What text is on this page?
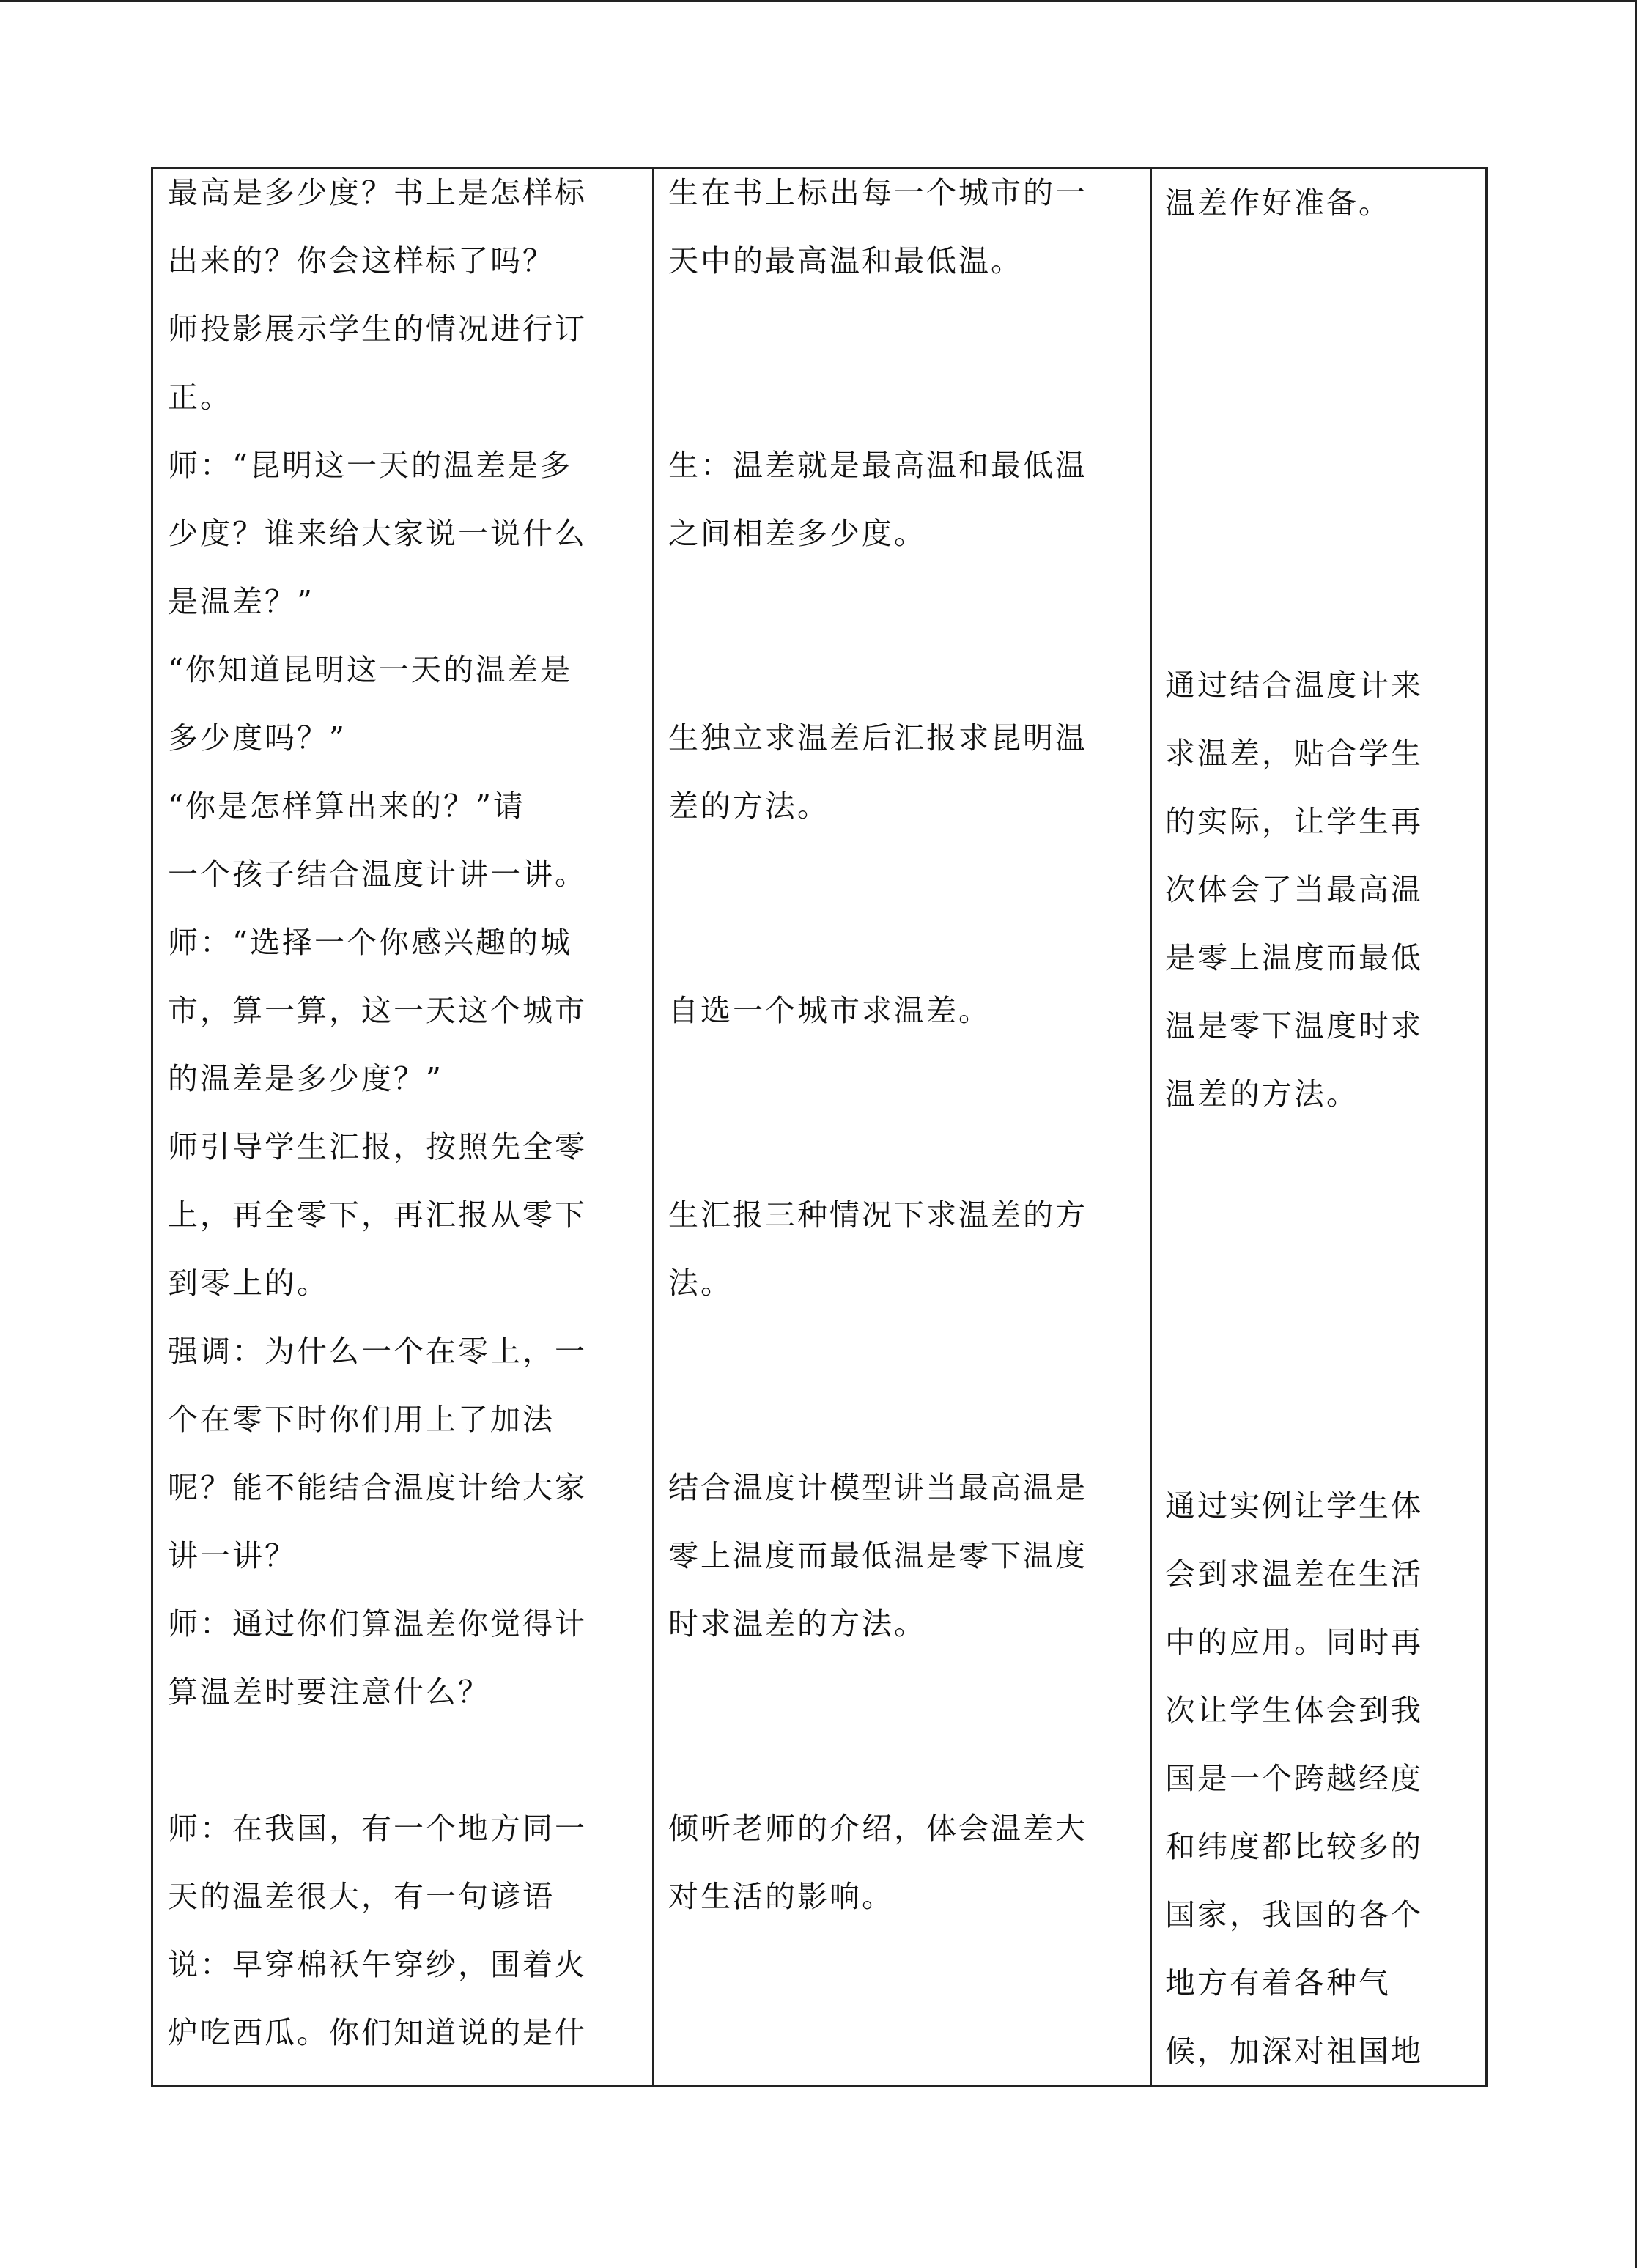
最高是多少度？书上是怎样标
出来的？你会这样标了吗？
师投影展示学生的情况进行订
正。
师：“昆明这一天的温差是多
少度？谁来给大家说一说什么
是温差？”
“你知道昆明这一天的温差是
多少度吗？”
“你是怎样算出来的？”请
一个孩子结合温度计讲一讲。
师：“选择一个你感兴趣的城
市，算一算，这一天这个城市
的温差是多少度？”
师引导学生汇报，按照先全零
上，再全零下，再汇报从零下
到零上的。
强调：为什么一个在零上，一
个在零下时你们用上了加法
呢？能不能结合温度计给大家
讲一讲？
师：通过你们算温差你觉得计
算温差时要注意什么？
师：在我国，有一个地方同一
天的温差很大，有一句谚语
说：早穿棉袄午穿纱，围着火
炉吃西瓜。你们知道说的是什
生在书上标出每一个城市的一
天中的最高温和最低温。
生：温差就是最高温和最低温
之间相差多少度。
生独立求温差后汇报求昆明温
差的方法。
自选一个城市求温差。
生汇报三种情况下求温差的方
法。
结合温度计模型讲当最高温是
零上温度而最低温是零下温度
时求温差的方法。
倾听老师的介绍，体会温差大
对生活的影响。
温差作好准备。
通过结合温度计来
求温差，贴合学生
的实际，让学生再
次体会了当最高温
是零上温度而最低
温是零下温度时求
温差的方法。
通过实例让学生体
会到求温差在生活
中的应用。同时再
次让学生体会到我
国是一个跨越经度
和纬度都比较多的
国家，我国的各个
地方有着各种气
候，加深对祖国地
